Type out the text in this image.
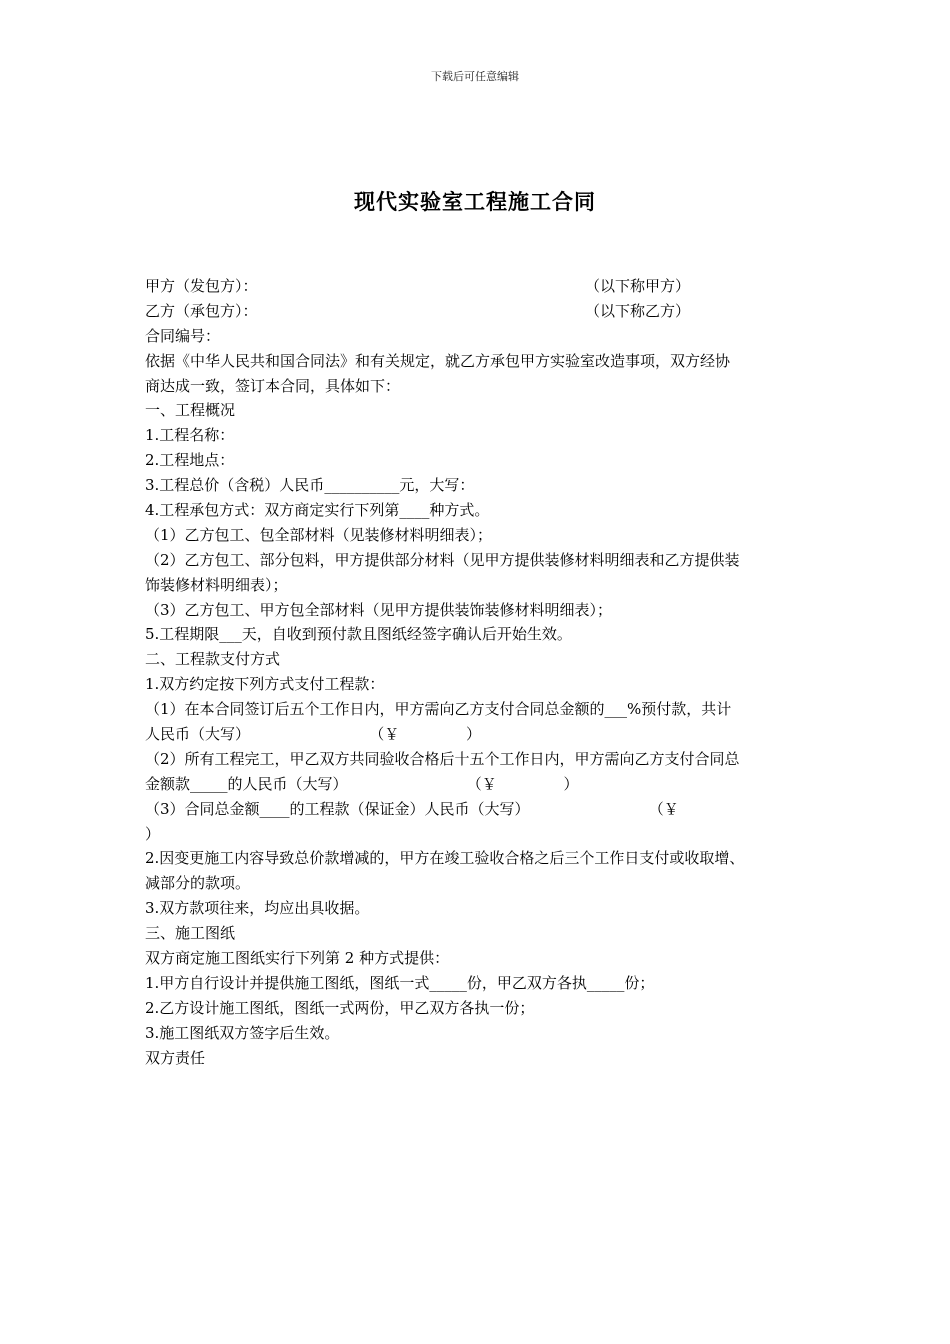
下载后可任意编辑
现代实验室工程施工合同
甲方（发包方）：	（以下称甲方）
乙方（承包方）：	（以下称乙方）
合同编号：
依据《中华人民共和国合同法》和有关规定，就乙方承包甲方实验室改造事项，双方经协
商达成一致，签订本合同，具体如下：
一、工程概况
1.工程名称：
2.工程地点：
3.工程总价（含税）人民币__________元，大写：
4.工程承包方式：双方商定实行下列第____种方式。
（1）乙方包工、包全部材料（见装修材料明细表）；
（2）乙方包工、部分包料，甲方提供部分材料（见甲方提供装修材料明细表和乙方提供装
饰装修材料明细表）；
（3）乙方包工、甲方包全部材料（见甲方提供装饰装修材料明细表）；
5.工程期限___天，自收到预付款且图纸经签字确认后开始生效。
二、工程款支付方式
1.双方约定按下列方式支付工程款：
（1）在本合同签订后五个工作日内，甲方需向乙方支付合同总金额的___%预付款，共计
人民币（大写）                         （￥              ）
（2）所有工程完工，甲乙双方共同验收合格后十五个工作日内，甲方需向乙方支付合同总
金额款_____的人民币（大写）                         （￥              ）
（3）合同总金额____的工程款（保证金）人民币（大写）                         （￥
）
2.因变更施工内容导致总价款增减的，甲方在竣工验收合格之后三个工作日支付或收取增、
减部分的款项。
3.双方款项往来，均应出具收据。
三、施工图纸
双方商定施工图纸实行下列第 2 种方式提供：
1.甲方自行设计并提供施工图纸，图纸一式_____份，甲乙双方各执_____份；
2.乙方设计施工图纸，图纸一式两份，甲乙双方各执一份；
3.施工图纸双方签字后生效。
双方责任
